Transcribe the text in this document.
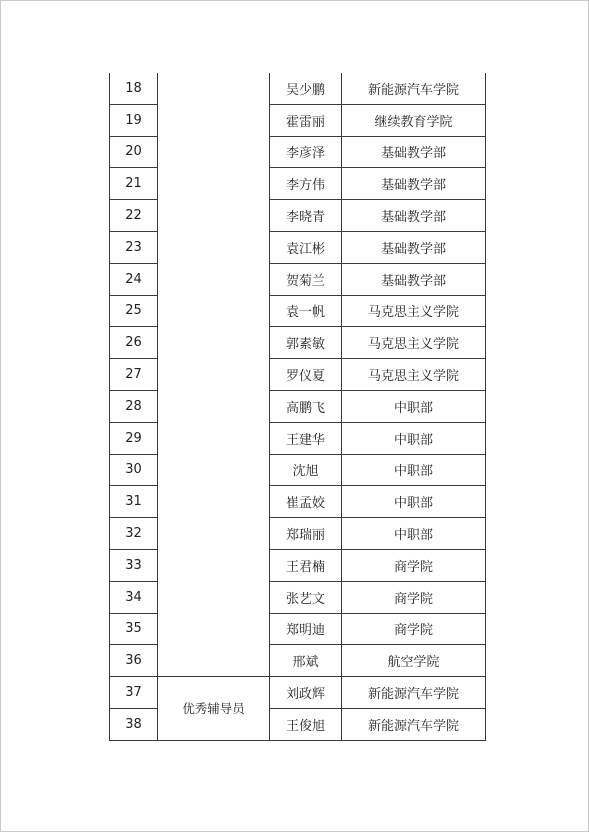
18		吴少鹏	新能源汽车学院
19		霍雷丽	继续教育学院
20		李彦泽	基础教学部
21		李方伟	基础教学部
22		李晓青	基础教学部
23		袁江彬	基础教学部
24		贺菊兰	基础教学部
25		袁一帆	马克思主义学院
26		郭素敏	马克思主义学院
27		罗仪夏	马克思主义学院
28		高鹏飞	中职部
29		王建华	中职部
30		沈旭	中职部
31		崔孟姣	中职部
32		郑瑞丽	中职部
33		王君楠	商学院
34		张艺文	商学院
35		郑明迪	商学院
36		邢斌	航空学院
37	优秀辅导员	刘政辉	新能源汽车学院
38		王俊旭	新能源汽车学院
